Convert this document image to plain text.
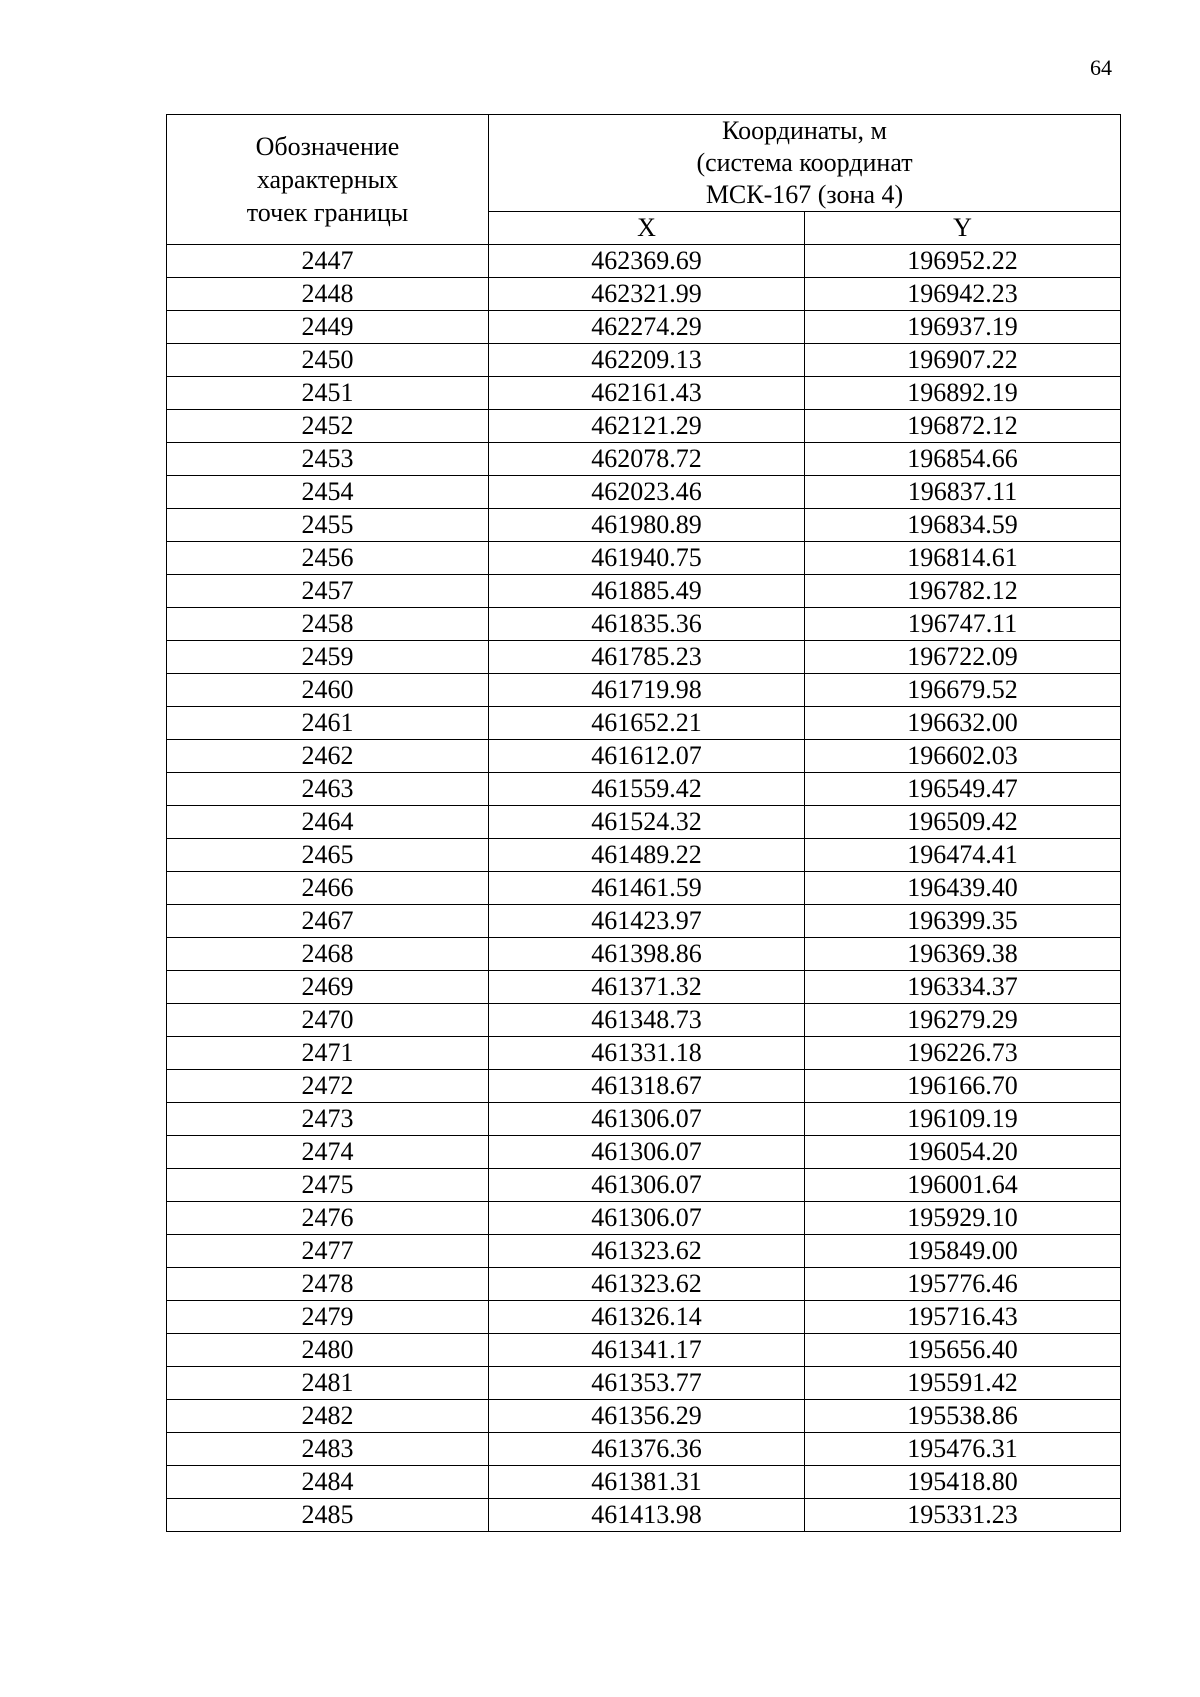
64
Обозначение
характерных
точек границы	Координаты, м
(система координат
МСК-167 (зона 4)	

	X	Y
2447	462369.69	196952.22
2448	462321.99	196942.23
2449	462274.29	196937.19
2450	462209.13	196907.22
2451	462161.43	196892.19
2452	462121.29	196872.12
2453	462078.72	196854.66
2454	462023.46	196837.11
2455	461980.89	196834.59
2456	461940.75	196814.61
2457	461885.49	196782.12
2458	461835.36	196747.11
2459	461785.23	196722.09
2460	461719.98	196679.52
2461	461652.21	196632.00
2462	461612.07	196602.03
2463	461559.42	196549.47
2464	461524.32	196509.42
2465	461489.22	196474.41
2466	461461.59	196439.40
2467	461423.97	196399.35
2468	461398.86	196369.38
2469	461371.32	196334.37
2470	461348.73	196279.29
2471	461331.18	196226.73
2472	461318.67	196166.70
2473	461306.07	196109.19
2474	461306.07	196054.20
2475	461306.07	196001.64
2476	461306.07	195929.10
2477	461323.62	195849.00
2478	461323.62	195776.46
2479	461326.14	195716.43
2480	461341.17	195656.40
2481	461353.77	195591.42
2482	461356.29	195538.86
2483	461376.36	195476.31
2484	461381.31	195418.80
2485	461413.98	195331.23
